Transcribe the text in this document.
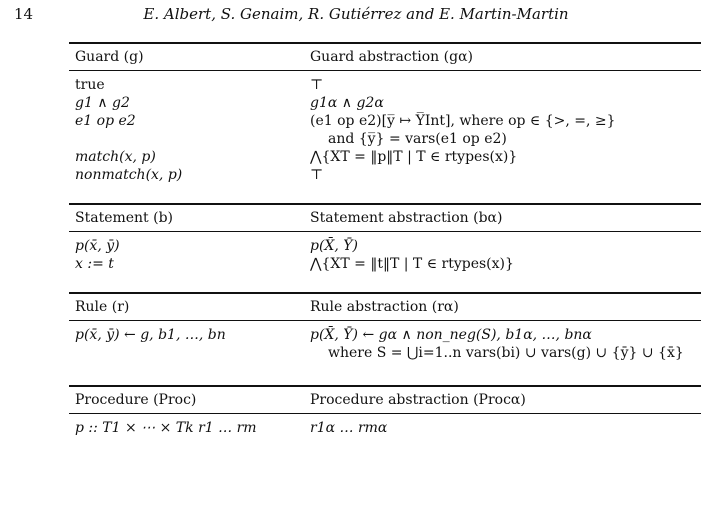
14	E. Albert, S. Genaim, R. Gutiérrez and E. Martin-Martin
Guard (g)	Guard abstraction (gα)
true	⊤
g1 ∧ g2	g1α ∧ g2α
e1 op e2	(e1 op e2)[y̅ ↦ Y̅Int], where op ∈ {>, =, ≥}
and {y̅} = vars(e1 op e2)
match(x, p)	⋀{XT = ‖p‖T | T ∈ rtypes(x)}
nonmatch(x, p)	⊤
Statement (b)	Statement abstraction (bα)
p(x̄, ȳ)	p(X̄, Ȳ)
x := t	⋀{XT = ‖t‖T | T ∈ rtypes(x)}
Rule (r)	Rule abstraction (rα)
p(x̄, ȳ) ← g, b1, …, bn	p(X̄, Ȳ) ← gα ∧ non_neg(S), b1α, …, bnα
where S = ⋃i=1..n vars(bi) ∪ vars(g) ∪ {ȳ} ∪ {x̄}
Procedure (Proc)	Procedure abstraction (Procα)
p :: T1 × ⋯ × Tk r1 … rm	r1α … rmα
